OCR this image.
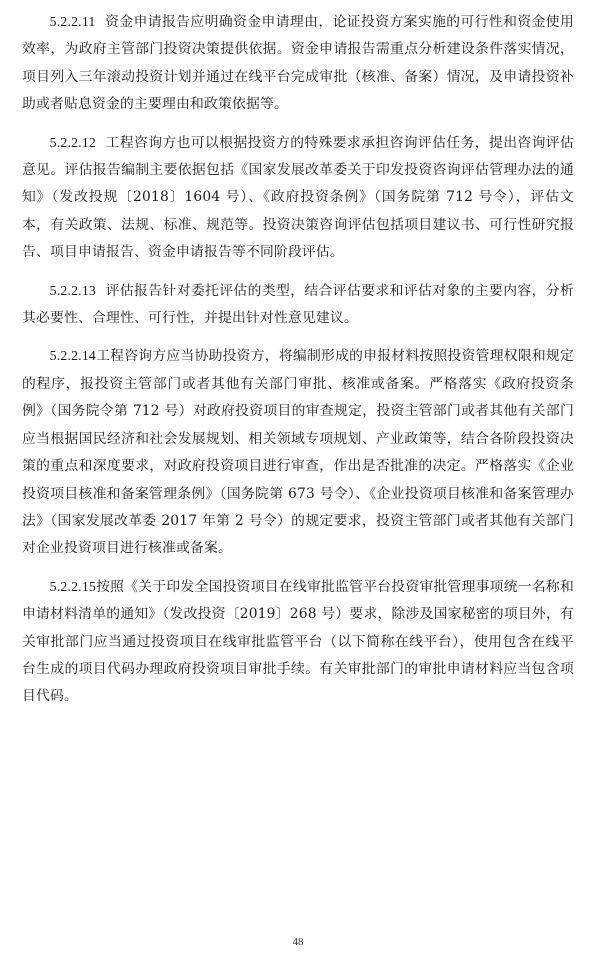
5.2.2.11 资金申请报告应明确资金申请理由，论证投资方案实施的可行性和资金使用效率，为政府主管部门投资决策提供依据。资金申请报告需重点分析建设条件落实情况，项目列入三年滚动投资计划并通过在线平台完成审批（核准、备案）情况，及申请投资补助或者贴息资金的主要理由和政策依据等。

5.2.2.12 工程咨询方也可以根据投资方的特殊要求承担咨询评估任务，提出咨询评估意见。评估报告编制主要依据包括《国家发展改革委关于印发投资咨询评估管理办法的通知》（发改投规〔2018〕1604 号）、《政府投资条例》（国务院第 712 号令），评估文本，有关政策、法规、标准、规范等。投资决策咨询评估包括项目建议书、可行性研究报告、项目申请报告、资金申请报告等不同阶段评估。

5.2.2.13 评估报告针对委托评估的类型，结合评估要求和评估对象的主要内容，分析其必要性、合理性、可行性，并提出针对性意见建议。

5.2.2.14工程咨询方应当协助投资方，将编制形成的申报材料按照投资管理权限和规定的程序，报投资主管部门或者其他有关部门审批、核准或备案。严格落实《政府投资条例》（国务院令第 712 号）对政府投资项目的审查规定，投资主管部门或者其他有关部门应当根据国民经济和社会发展规划、相关领域专项规划、产业政策等，结合各阶段投资决策的重点和深度要求，对政府投资项目进行审查，作出是否批准的决定。严格落实《企业投资项目核准和备案管理条例》（国务院第 673 号令）、《企业投资项目核准和备案管理办法》（国家发展改革委 2017 年第 2 号令）的规定要求，投资主管部门或者其他有关部门对企业投资项目进行核准或备案。

5.2.2.15按照《关于印发全国投资项目在线审批监管平台投资审批管理事项统一名称和申请材料清单的通知》（发改投资〔2019〕268 号）要求，除涉及国家秘密的项目外，有关审批部门应当通过投资项目在线审批监管平台（以下简称在线平台），使用包含在线平台生成的项目代码办理政府投资项目审批手续。有关审批部门的审批申请材料应当包含项目代码。

48
